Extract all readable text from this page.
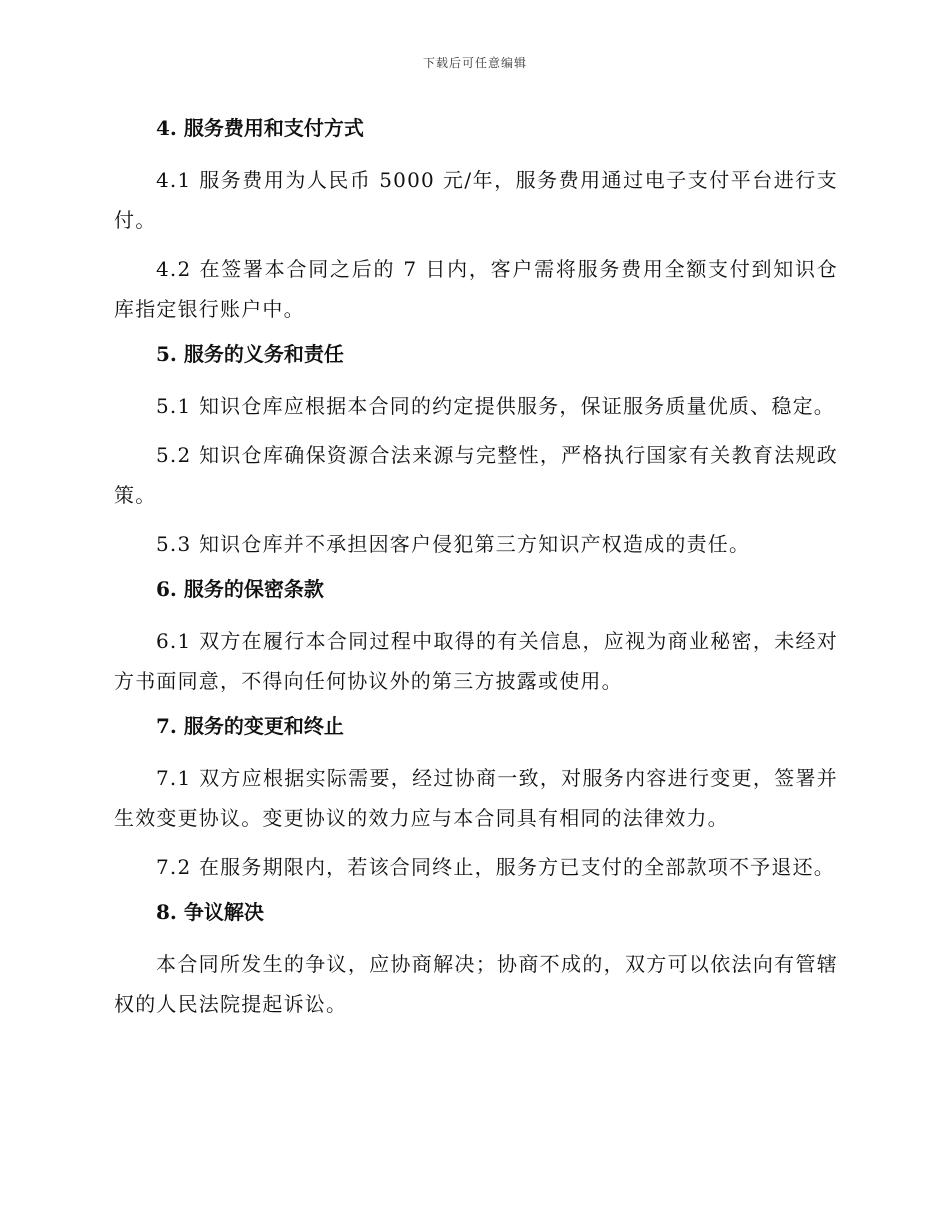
下载后可任意编辑
4. 服务费用和支付方式

4.1 服务费用为人民币 5000 元/年，服务费用通过电子支付平台进行支付。

4.2 在签署本合同之后的 7 日内，客户需将服务费用全额支付到知识仓库指定银行账户中。

5. 服务的义务和责任

5.1 知识仓库应根据本合同的约定提供服务，保证服务质量优质、稳定。

5.2 知识仓库确保资源合法来源与完整性，严格执行国家有关教育法规政策。

5.3 知识仓库并不承担因客户侵犯第三方知识产权造成的责任。

6. 服务的保密条款

6.1 双方在履行本合同过程中取得的有关信息，应视为商业秘密，未经对方书面同意，不得向任何协议外的第三方披露或使用。

7. 服务的变更和终止

7.1 双方应根据实际需要，经过协商一致，对服务内容进行变更，签署并生效变更协议。变更协议的效力应与本合同具有相同的法律效力。

7.2 在服务期限内，若该合同终止，服务方已支付的全部款项不予退还。

8. 争议解决

本合同所发生的争议，应协商解决；协商不成的，双方可以依法向有管辖权的人民法院提起诉讼。
